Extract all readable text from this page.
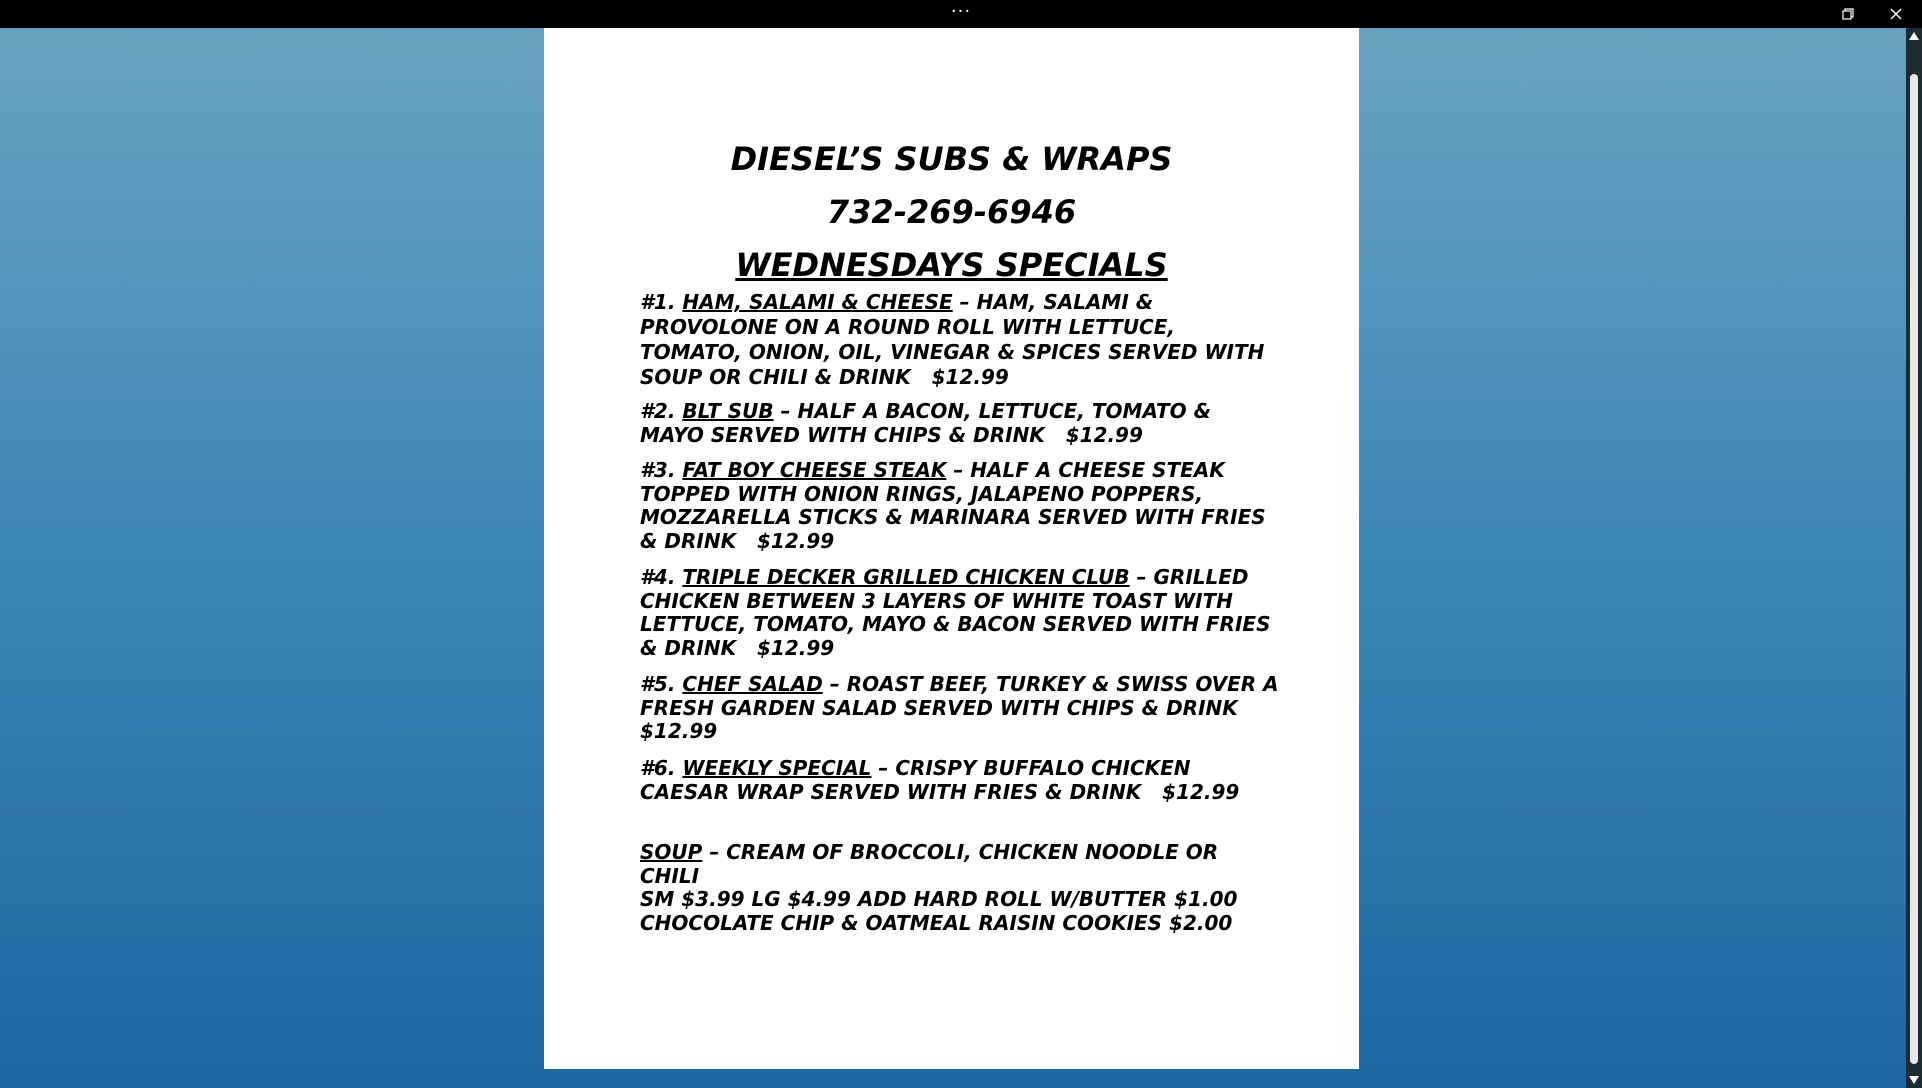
···
DIESEL’S SUBS & WRAPS
732-269-6946
WEDNESDAYS SPECIALS
#1. HAM, SALAMI & CHEESE – HAM, SALAMI & PROVOLONE ON A ROUND ROLL WITH LETTUCE, TOMATO, ONION, OIL, VINEGAR & SPICES SERVED WITH SOUP OR CHILI & DRINK $12.99
#2. BLT SUB – HALF A BACON, LETTUCE, TOMATO & MAYO SERVED WITH CHIPS & DRINK $12.99
#3. FAT BOY CHEESE STEAK – HALF A CHEESE STEAK TOPPED WITH ONION RINGS, JALAPENO POPPERS, MOZZARELLA STICKS & MARINARA SERVED WITH FRIES & DRINK $12.99
#4. TRIPLE DECKER GRILLED CHICKEN CLUB – GRILLED CHICKEN BETWEEN 3 LAYERS OF WHITE TOAST WITH LETTUCE, TOMATO, MAYO & BACON SERVED WITH FRIES & DRINK $12.99
#5. CHEF SALAD – ROAST BEEF, TURKEY & SWISS OVER A FRESH GARDEN SALAD SERVED WITH CHIPS & DRINK $12.99
#6. WEEKLY SPECIAL – CRISPY BUFFALO CHICKEN CAESAR WRAP SERVED WITH FRIES & DRINK $12.99
SOUP – CREAM OF BROCCOLI, CHICKEN NOODLE OR CHILI
SM $3.99 LG $4.99 ADD HARD ROLL W/BUTTER $1.00
CHOCOLATE CHIP & OATMEAL RAISIN COOKIES $2.00
